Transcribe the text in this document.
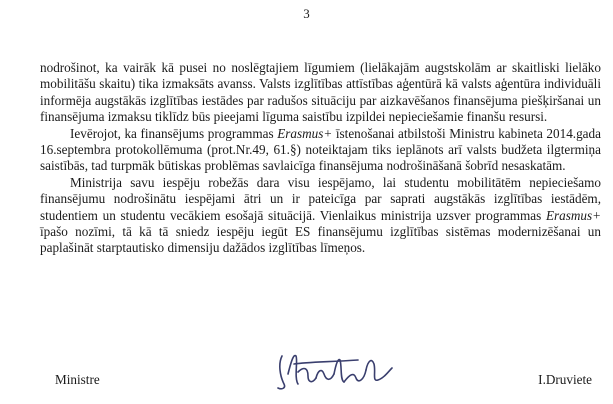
3

nodrošinot, ka vairāk kā pusei no noslēgtajiem līgumiem (lielākajām augstskolām ar skaitliski lielāko mobilitāšu skaitu) tika izmaksāts avanss. Valsts izglītības attīstības aģentūrā kā valsts aģentūra individuāli informēja augstākās izglītības iestādes par radušos situāciju par aizkavēšanos finansējuma piešķiršanai un finansējuma izmaksu tiklīdz būs pieejami līguma saistību izpildei nepieciešamie finanšu resursi.

Ievērojot, ka finansējums programmas Erasmus+ īstenošanai atbilstoši Ministru kabineta 2014.gada 16.septembra protokollēmuma (prot.Nr.49, 61.§) noteiktajam tiks ieplānots arī valsts budžeta ilgtermiņa saistībās, tad turpmāk būtiskas problēmas savlaicīga finansējuma nodrošināšanā šobrīd nesaskatām.

Ministrija savu iespēju robežās dara visu iespējamo, lai studentu mobilitātēm nepieciešamo finansējumu nodrošinātu iespējami ātri un ir pateicīga par saprati augstākās izglītības iestādēm, studentiem un studentu vecākiem esošajā situācijā. Vienlaikus ministrija uzsver programmas Erasmus+ īpašo nozīmi, tā kā tā sniedz iespēju iegūt ES finansējumu izglītības sistēmas modernizēšanai un paplašināt starptautisko dimensiju dažādos izglītības līmeņos.

Ministre	I.Druviete
